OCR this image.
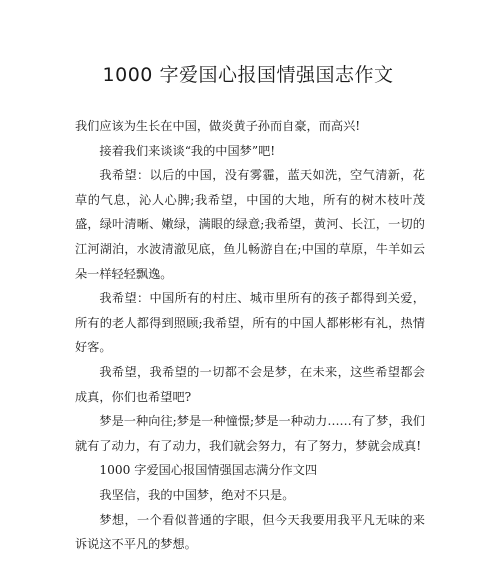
1000 字爱国心报国情强国志作文

我们应该为生长在中国，做炎黄子孙而自豪，而高兴!

接着我们来谈谈“我的中国梦”吧!

我希望：以后的中国，没有雾霾，蓝天如洗，空气清新，花草的气息，沁人心脾;我希望，中国的大地，所有的树木枝叶茂盛，绿叶清晰、嫩绿，满眼的绿意;我希望，黄河、长江，一切的江河湖泊，水波清澈见底，鱼儿畅游自在;中国的草原，牛羊如云朵一样轻轻飘逸。

我希望：中国所有的村庄、城市里所有的孩子都得到关爱，所有的老人都得到照顾;我希望，所有的中国人都彬彬有礼，热情好客。

我希望，我希望的一切都不会是梦，在未来，这些希望都会成真，你们也希望吧?

梦是一种向往;梦是一种憧憬;梦是一种动力……有了梦，我们就有了动力，有了动力，我们就会努力，有了努力，梦就会成真!

1000 字爱国心报国情强国志满分作文四

我坚信，我的中国梦，绝对不只是。

梦想，一个看似普通的字眼，但今天我要用我平凡无味的来诉说这不平凡的梦想。
